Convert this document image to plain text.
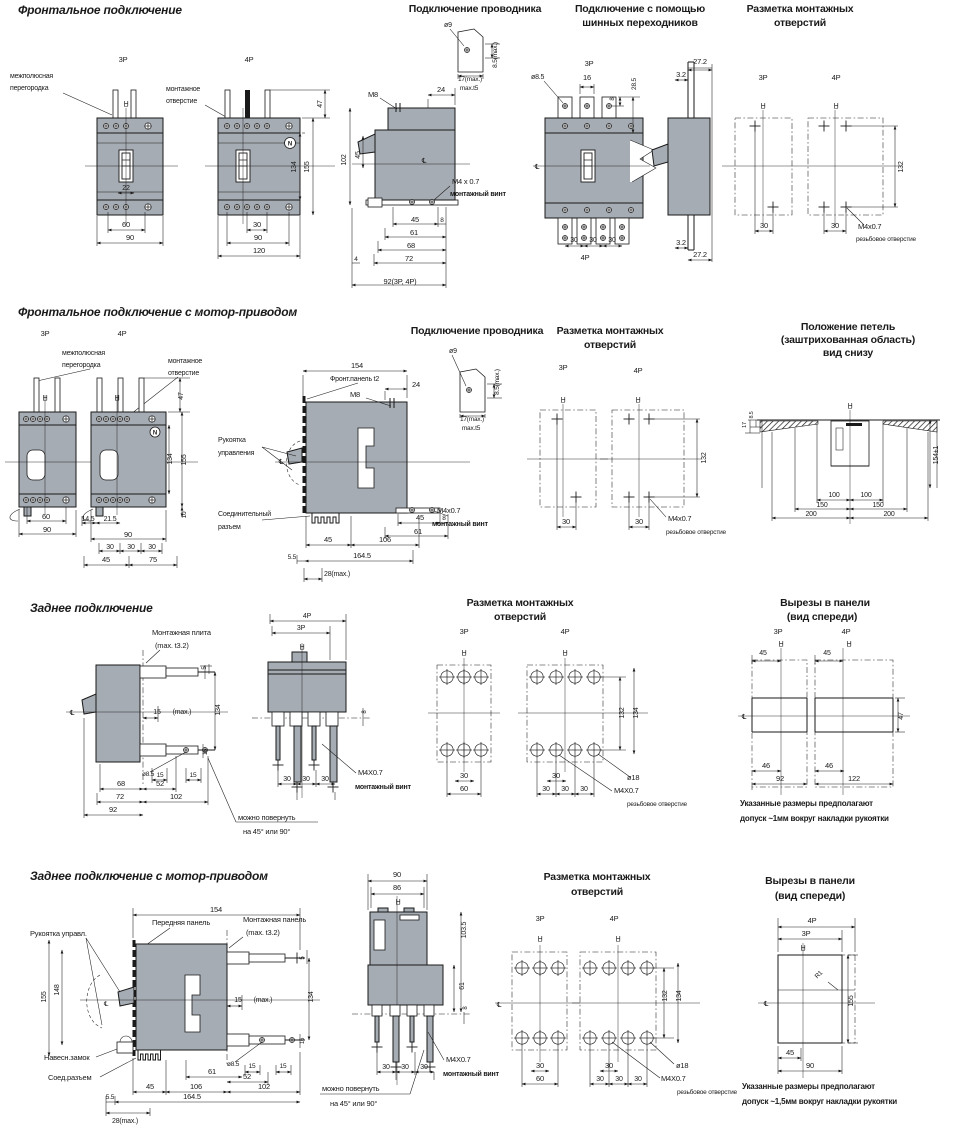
Фронтальное подключение
3P	4P
межполюсная
перегородка	монтажное
отверстие
H̲	H̲
22
60
90
30
90
120
N
47
134 155
Подключение проводника
ø9
8.5(max.)
17(max.)
max.t5
M8
24
102 45
℄
M4 x 0.7
монтажный винт
45	8
61
68
72
4
92(3P, 4P)
Подключение с помощью
шинных переходников
ø8.5
3P
16
8
28.5
℄
30 30 30
4P
27.2
3.2
3.2
27.2
Разметка монтажных
отверстий
3P	4P
H̲	H̲
132
30	30	M4x0.7
резьбовое отверстие
Фронтальное подключение с мотор-приводом
3P	4P
межполюсная
перегородка
монтажное
отверстие
H̲	H̲	47
N
134 155
10
60
90
14.5 21.5
90
30 30 30
45	75
154
Фронт.панель t2
M8
24
Рукоятка
управления
℄
Соединительный
разъем
M4x0.7
монтажный винт
45	8
61
45	106
164.5
5.5
28(max.)
Подключение проводника
ø9
8.5(max.)
17(max.)
max.t5
Разметка монтажных
отверстий
3P	4P
H̲	H̲
132
30	30	M4x0.7
резьбовое отверстие
Положение петель
(заштрихованная область)
вид снизу
H̲
8.5
17
100	100
150	150
200	200
154±1
Заднее подключение
Монтажная плита
(max. t3.2)
℄
5
15 (max.)	134
16
ø8.5 15	15
68	52
72	102
92
можно повернуть
на 45° или 90°
4P
3P
H̲
8
30 30 30
M4X0.7
монтажный винт
Разметка монтажных
отверстий
3P	4P
H̲	H̲
30
60
132 134
30
30 30 30
ø18
M4X0.7
резьбовое отверстие
Вырезы в панели
(вид спереди)
3P	4P
H̲	H̲
45	45
℄	47
46
92
46
122
Указанные размеры предполагают
допуск ~1мм вокруг накладки рукоятки
Заднее подключение с мотор-приводом
154
Передняя панель	Монтажная панель
(max. t3.2)
Рукоятка управл.
148
155
℄
5
15 (max.)	134
16
Навесн.замок
Соед.разъем
ø8.5 15	15
61
52
45	106	102
5.5	164.5
28(max.)
90
86
H̲
103.5
61
8
30 30 30
M4X0.7
монтажный винт
можно повернуть
на 45° или 90°
Разметка монтажных
отверстий
3P	4P
H̲	H̲
℄
30
60
132 134
30
30 30 30
ø18
M4X0.7
резьбовое отверстие
Вырезы в панели
(вид спереди)
4P
3P
H̲
R1
℄	155
45
90
Указанные размеры предполагают
допуск ~1,5мм вокруг накладки рукоятки
